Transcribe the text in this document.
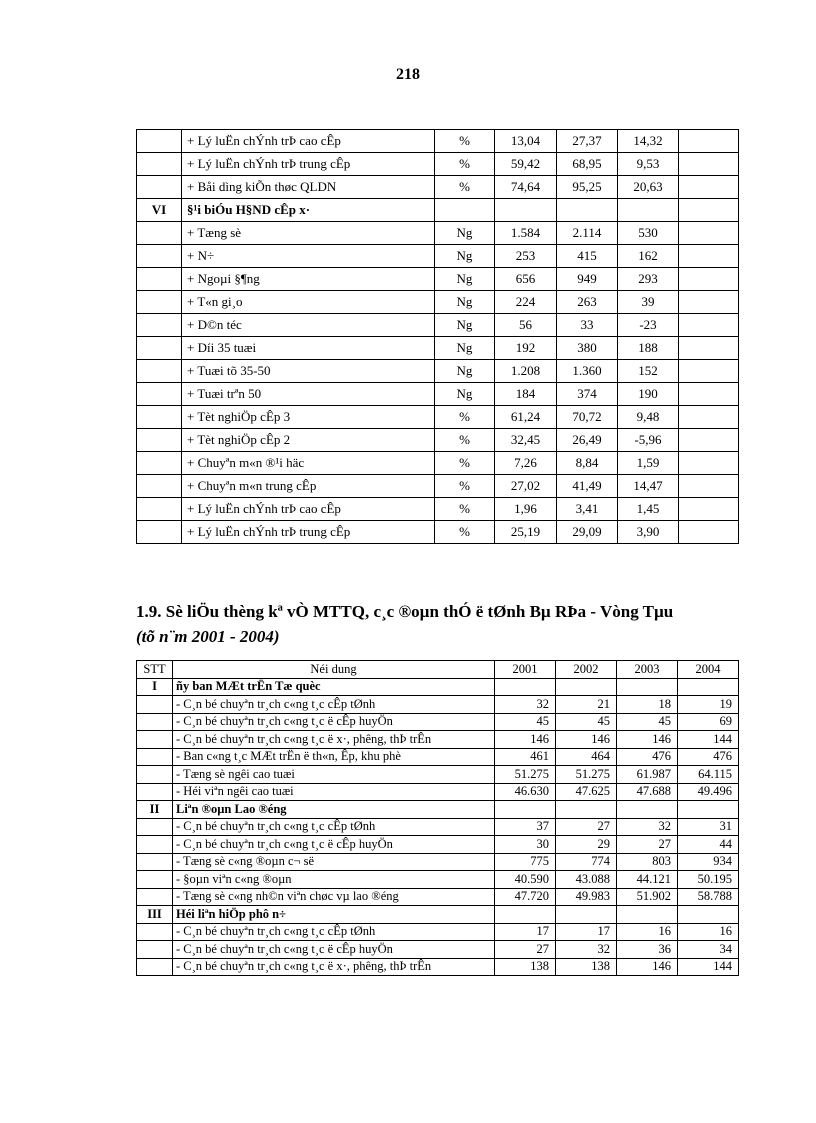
218
	+ Lý luËn chÝnh trÞ cao cÊp	%	13,04	27,37	14,32	
	+ Lý luËn chÝnh trÞ trung cÊp	%	59,42	68,95	9,53	
	+ Båi dìng kiÕn thøc QLDN	%	74,64	95,25	20,63	
VI	§¹i biÓu H§ND cÊp x·					
	+ Tæng sè	Ng	1.584	2.114	530	
	+ N÷	Ng	253	415	162	
	+ Ngoµi §¶ng	Ng	656	949	293	
	+ T«n gi¸o	Ng	224	263	39	
	+ D©n téc	Ng	56	33	-23	
	+ Díi 35 tuæi	Ng	192	380	188	
	+ Tuæi tõ 35-50	Ng	1.208	1.360	152	
	+ Tuæi trªn 50	Ng	184	374	190	
	+ Tèt nghiÖp cÊp 3	%	61,24	70,72	9,48	
	+ Tèt nghiÖp cÊp 2	%	32,45	26,49	-5,96	
	+ Chuyªn m«n ®¹i häc	%	7,26	8,84	1,59	
	+ Chuyªn m«n trung cÊp	%	27,02	41,49	14,47	
	+ Lý luËn chÝnh trÞ cao cÊp	%	1,96	3,41	1,45	
	+ Lý luËn chÝnh trÞ trung cÊp	%	25,19	29,09	3,90	
1.9. Sè liÖu thèng kª vÒ MTTQ, c¸c ®oµn thÓ ë tØnh Bµ RÞa - Vòng Tµu
(tõ n¨m 2001 - 2004)
STT	Néi dung	2001	2002	2003	2004
I	ñy ban MÆt trËn Tæ quèc				
	- C¸n bé chuyªn tr¸ch c«ng t¸c cÊp tØnh	32	21	18	19
	- C¸n bé chuyªn tr¸ch c«ng t¸c ë cÊp huyÖn	45	45	45	69
	- C¸n bé chuyªn tr¸ch c«ng t¸c ë x·, phêng, thÞ trÊn	146	146	146	144
	- Ban c«ng t¸c MÆt trËn ë th«n, Êp, khu phè	461	464	476	476
	- Tæng sè ngêi cao tuæi	51.275	51.275	61.987	64.115
	- Héi viªn ngêi cao tuæi	46.630	47.625	47.688	49.496
II	Liªn ®oµn Lao ®éng				
	- C¸n bé chuyªn tr¸ch c«ng t¸c cÊp tØnh	37	27	32	31
	- C¸n bé chuyªn tr¸ch c«ng t¸c ë cÊp huyÖn	30	29	27	44
	- Tæng sè c«ng ®oµn c¬ së	775	774	803	934
	- §oµn viªn c«ng ®oµn	40.590	43.088	44.121	50.195
	- Tæng sè c«ng nh©n viªn chøc vµ lao ®éng	47.720	49.983	51.902	58.788
III	Héi liªn hiÖp phô n÷				
	- C¸n bé chuyªn tr¸ch c«ng t¸c cÊp tØnh	17	17	16	16
	- C¸n bé chuyªn tr¸ch c«ng t¸c ë cÊp huyÖn	27	32	36	34
	- C¸n bé chuyªn tr¸ch c«ng t¸c ë x·, phêng, thÞ trÊn	138	138	146	144
